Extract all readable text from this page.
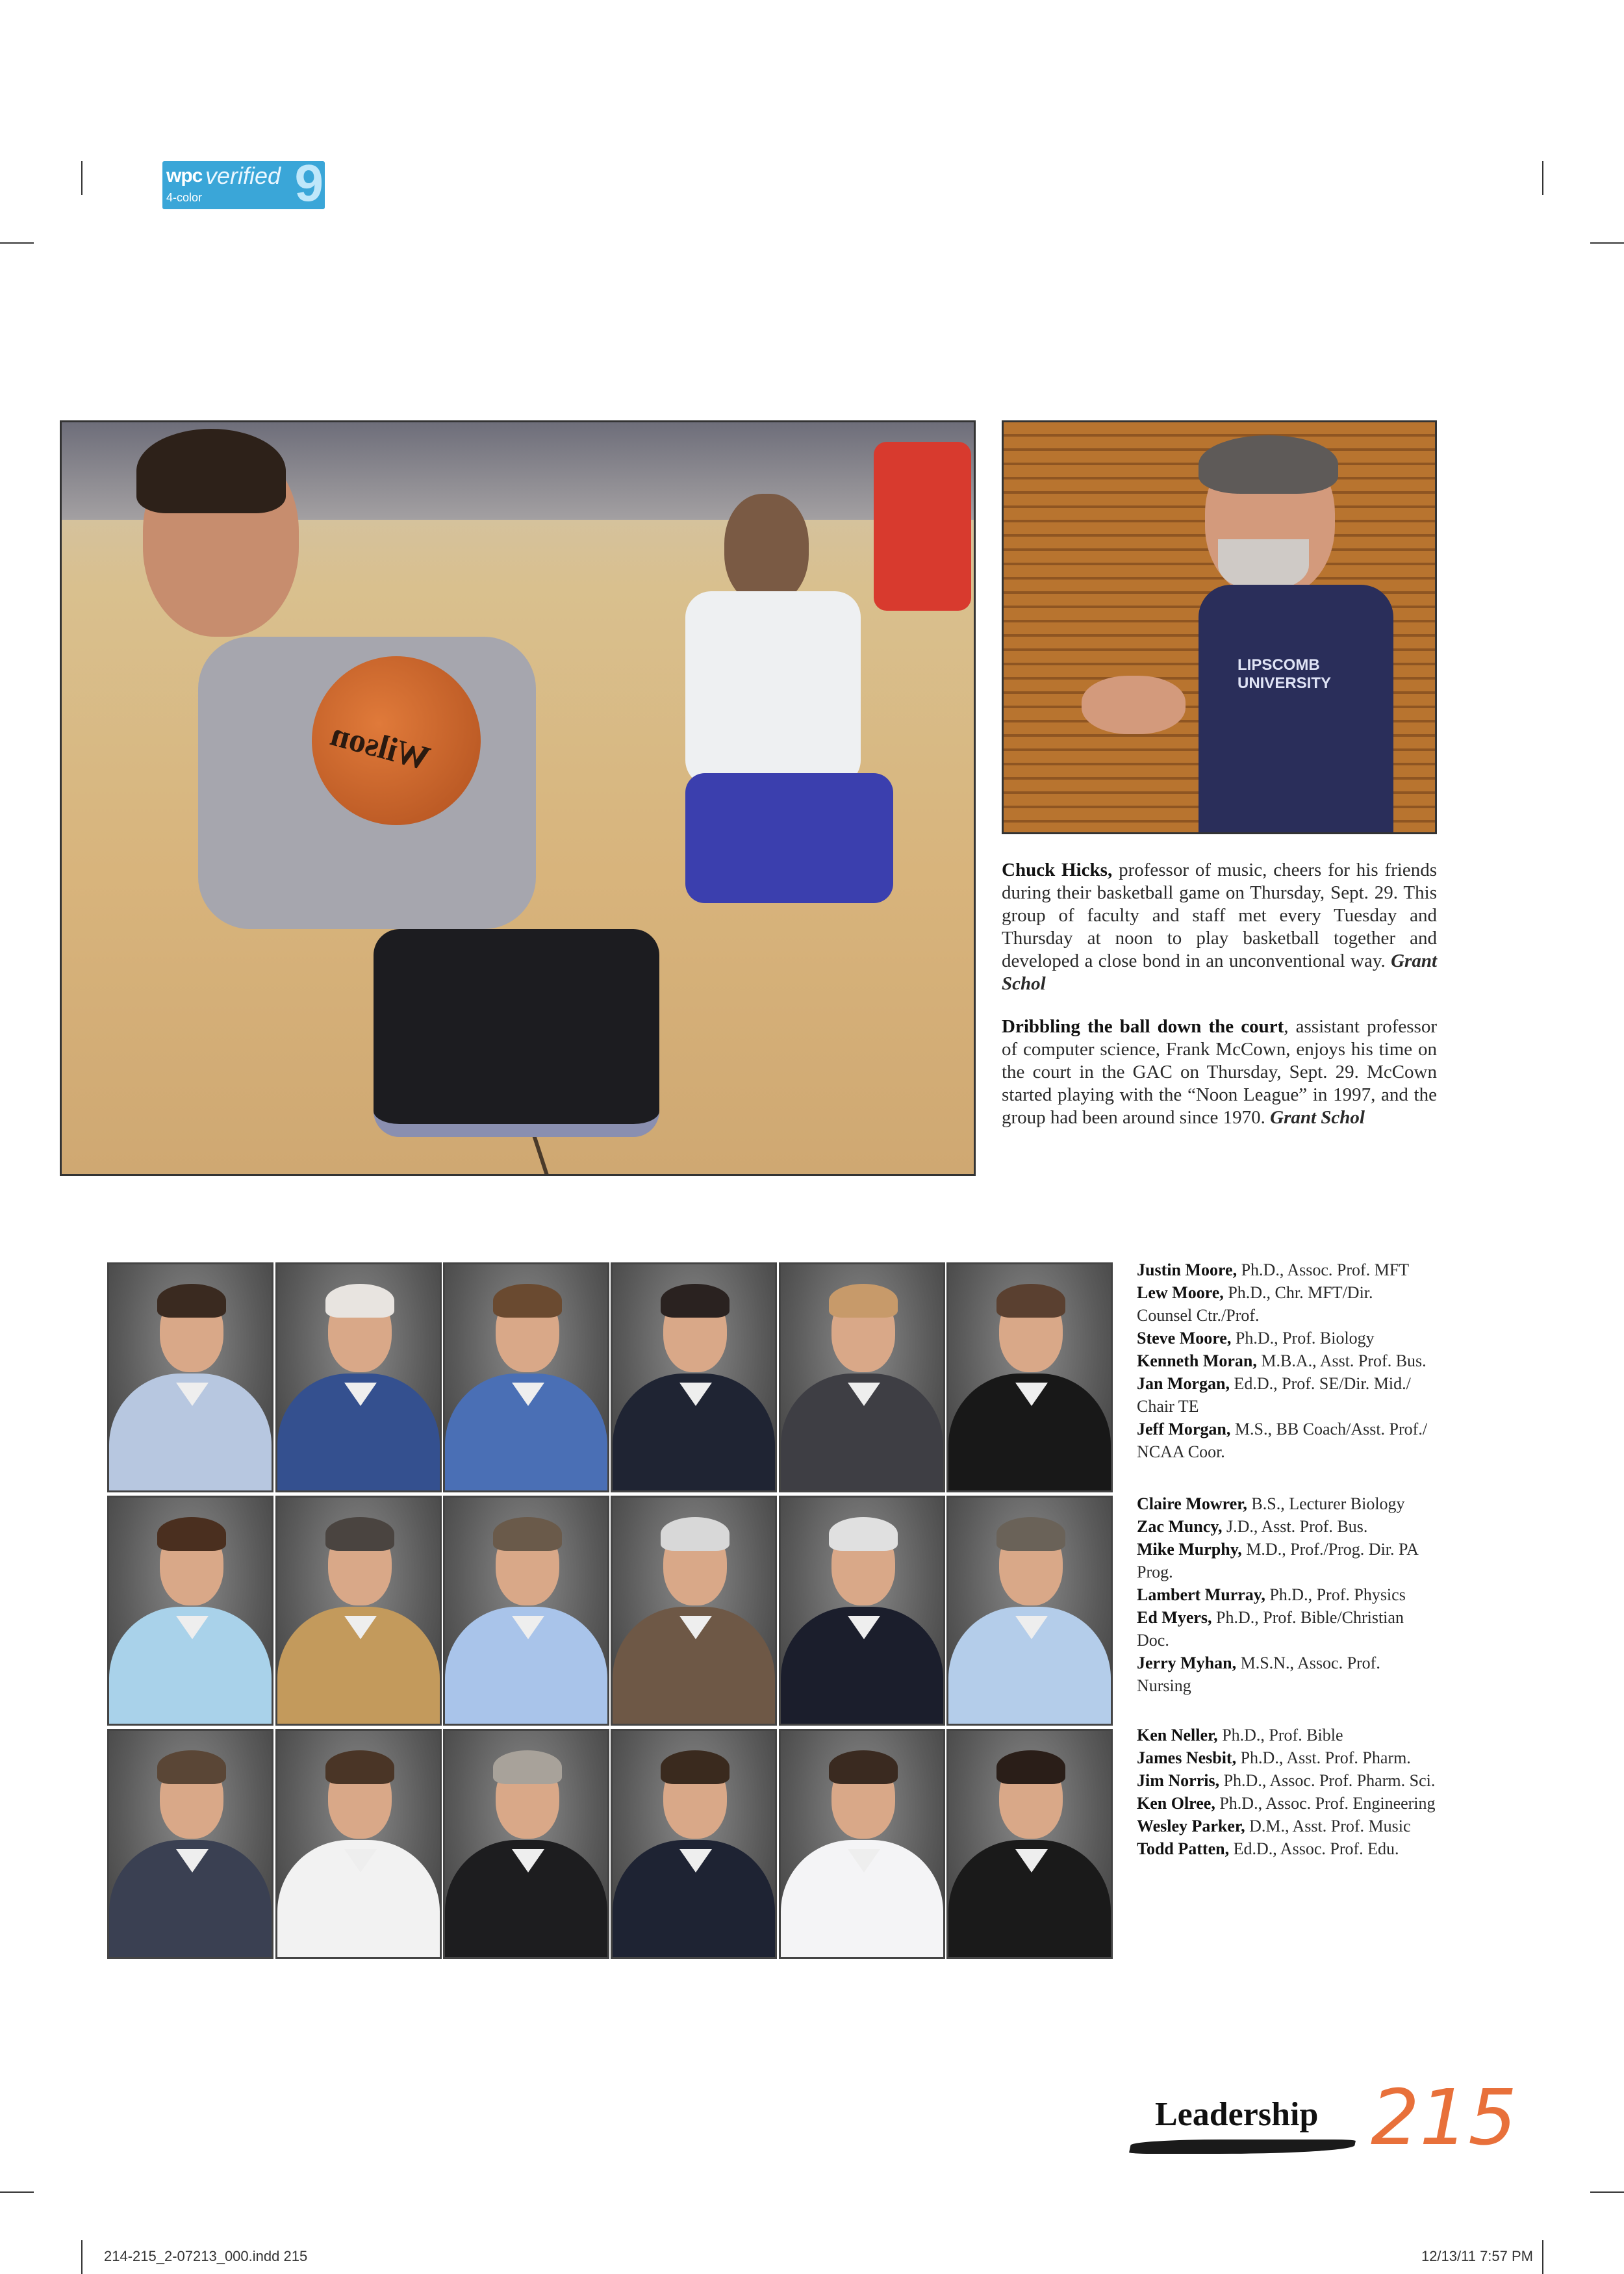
9
wpc verified
4-color
Wilson
LIPSCOMB UNIVERSITY
Chuck Hicks, professor of music, cheers for his friends during their basketball game on Thursday, Sept. 29. This group of faculty and staff met every Tuesday and Thursday at noon to play basketball together and developed a close bond in an unconventional way. Grant Schol
Dribbling the ball down the court, assistant professor of computer science, Frank McCown, enjoys his time on the court in the GAC on Thursday, Sept. 29. McCown started playing with the “Noon League” in 1997, and the group had been around since 1970. Grant Schol
Justin Moore, Ph.D., Assoc. Prof. MFT
Lew Moore, Ph.D., Chr. MFT/Dir.
Counsel Ctr./Prof.
Steve Moore, Ph.D., Prof. Biology
Kenneth Moran, M.B.A., Asst. Prof. Bus.
Jan Morgan, Ed.D., Prof. SE/Dir. Mid./
Chair TE
Jeff Morgan, M.S., BB Coach/Asst. Prof./
NCAA Coor.
Claire Mowrer, B.S., Lecturer Biology
Zac Muncy, J.D., Asst. Prof. Bus.
Mike Murphy, M.D., Prof./Prog. Dir. PA
Prog.
Lambert Murray, Ph.D., Prof. Physics
Ed Myers, Ph.D., Prof. Bible/Christian
Doc.
Jerry Myhan, M.S.N., Assoc. Prof.
Nursing
Ken Neller, Ph.D., Prof. Bible
James Nesbit, Ph.D., Asst. Prof. Pharm.
Jim Norris, Ph.D., Assoc. Prof. Pharm. Sci.
Ken Olree, Ph.D., Assoc. Prof. Engineering
Wesley Parker, D.M., Asst. Prof. Music
Todd Patten, Ed.D., Assoc. Prof. Edu.
Leadership 215
214-215_2-07213_000.indd 215	12/13/11 7:57 PM
